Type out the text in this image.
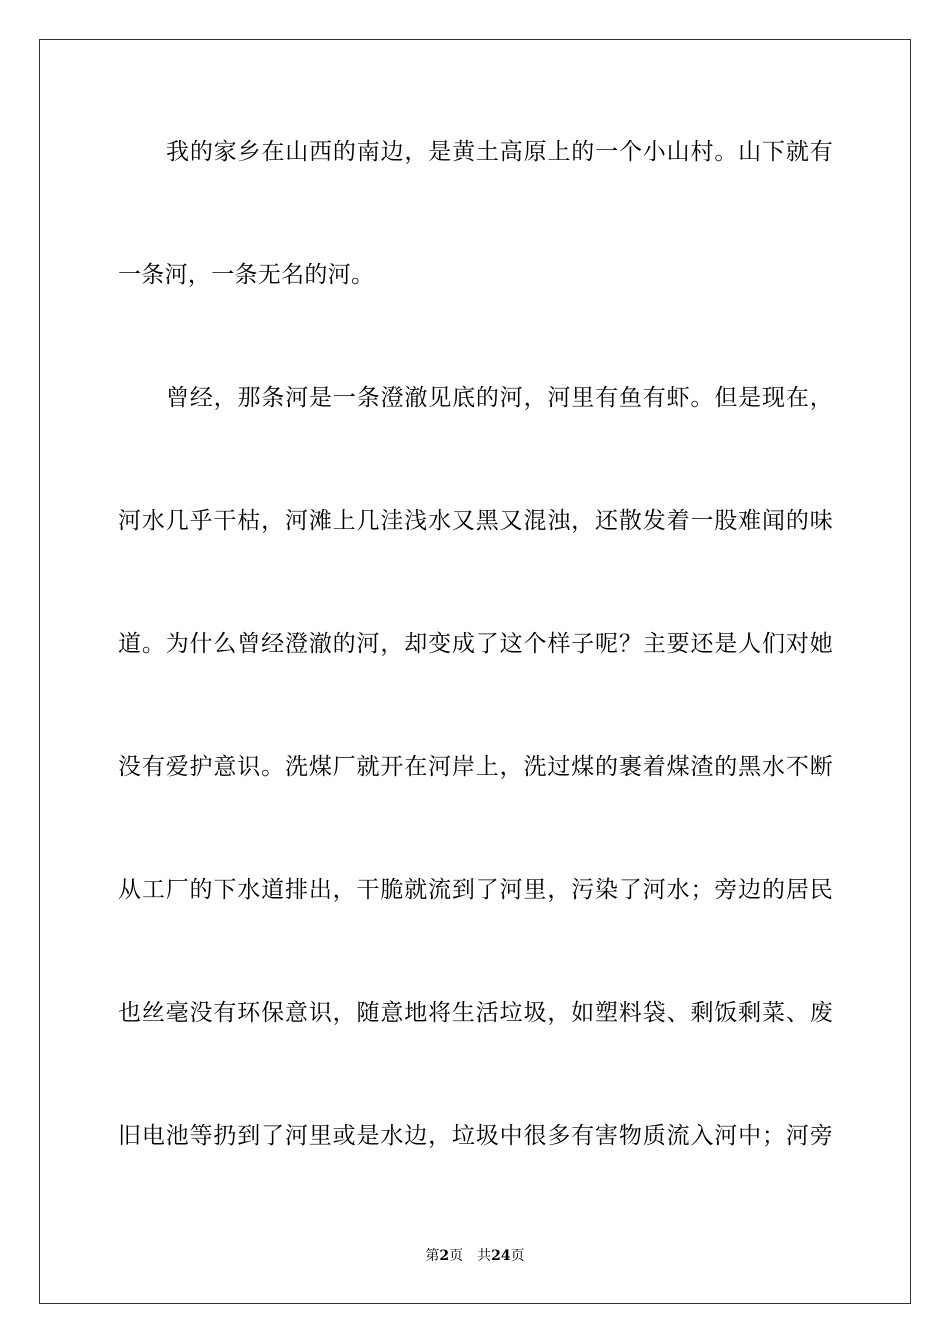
我的家乡在山西的南边，是黄土高原上的一个小山村。山下就有
一条河，一条无名的河。
曾经，那条河是一条澄澈见底的河，河里有鱼有虾。但是现在，
河水几乎干枯，河滩上几洼浅水又黑又混浊，还散发着一股难闻的味
道。为什么曾经澄澈的河，却变成了这个样子呢？主要还是人们对她
没有爱护意识。洗煤厂就开在河岸上，洗过煤的裹着煤渣的黑水不断
从工厂的下水道排出，干脆就流到了河里，污染了河水；旁边的居民
也丝毫没有环保意识，随意地将生活垃圾，如塑料袋、剩饭剩菜、废
旧电池等扔到了河里或是水边，垃圾中很多有害物质流入河中；河旁
第2页 共24页
